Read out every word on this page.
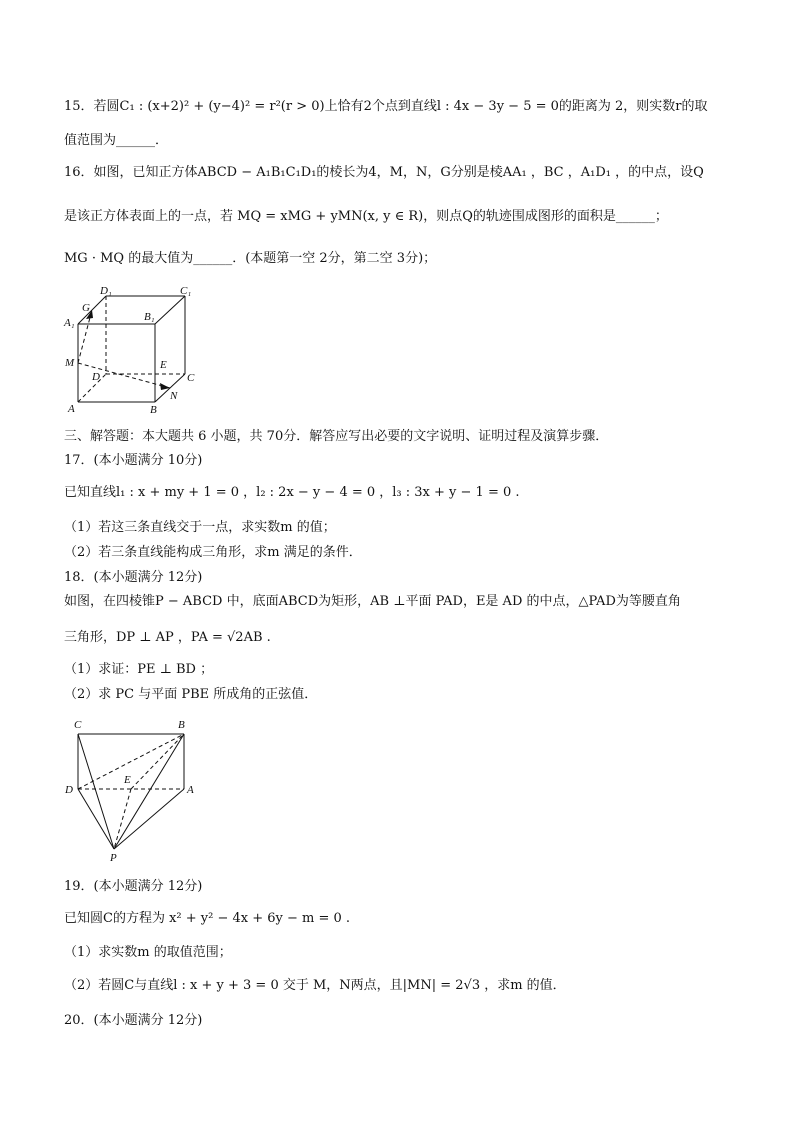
15．若圆C₁ : (x+2)² + (y−4)² = r²(r > 0)上恰有2个点到直线l : 4x − 3y − 5 = 0的距离为 2，则实数r的取
值范围为______．
16．如图，已知正方体ABCD − A₁B₁C₁D₁的棱长为4，M，N，G分别是棱AA₁ ，BC ，A₁D₁ ，的中点，设Q
是该正方体表面上的一点，若 MQ = xMG + yMN(x, y ∈ R)，则点Q的轨迹围成图形的面积是______；
MG · MQ 的最大值为______．(本题第一空 2分，第二空 3分)；
D₁	C₁
G
A₁	B₁
M	E
D	C
A	B
N
三、解答题：本大题共 6 小题，共 70分．解答应写出必要的文字说明、证明过程及演算步骤．
17．(本小题满分 10分)
已知直线l₁ : x + my + 1 = 0 ，l₂ : 2x − y − 4 = 0 ，l₃ : 3x + y − 1 = 0 .
（1）若这三条直线交于一点，求实数m 的值；
（2）若三条直线能构成三角形，求m 满足的条件．
18．(本小题满分 12分)
如图，在四棱锥P − ABCD 中，底面ABCD为矩形，AB ⊥平面 PAD，E是 AD 的中点，△PAD为等腰直角
三角形，DP ⊥ AP ，PA = √2AB .
（1）求证：PE ⊥ BD ；
（2）求 PC 与平面 PBE 所成角的正弦值．
C	B
D
E
A
P
19．(本小题满分 12分)
已知圆C的方程为 x² + y² − 4x + 6y − m = 0 .
（1）求实数m 的取值范围；
（2）若圆C与直线l : x + y + 3 = 0 交于 M，N两点，且|MN| = 2√3 ，求m 的值．
20．(本小题满分 12分)
